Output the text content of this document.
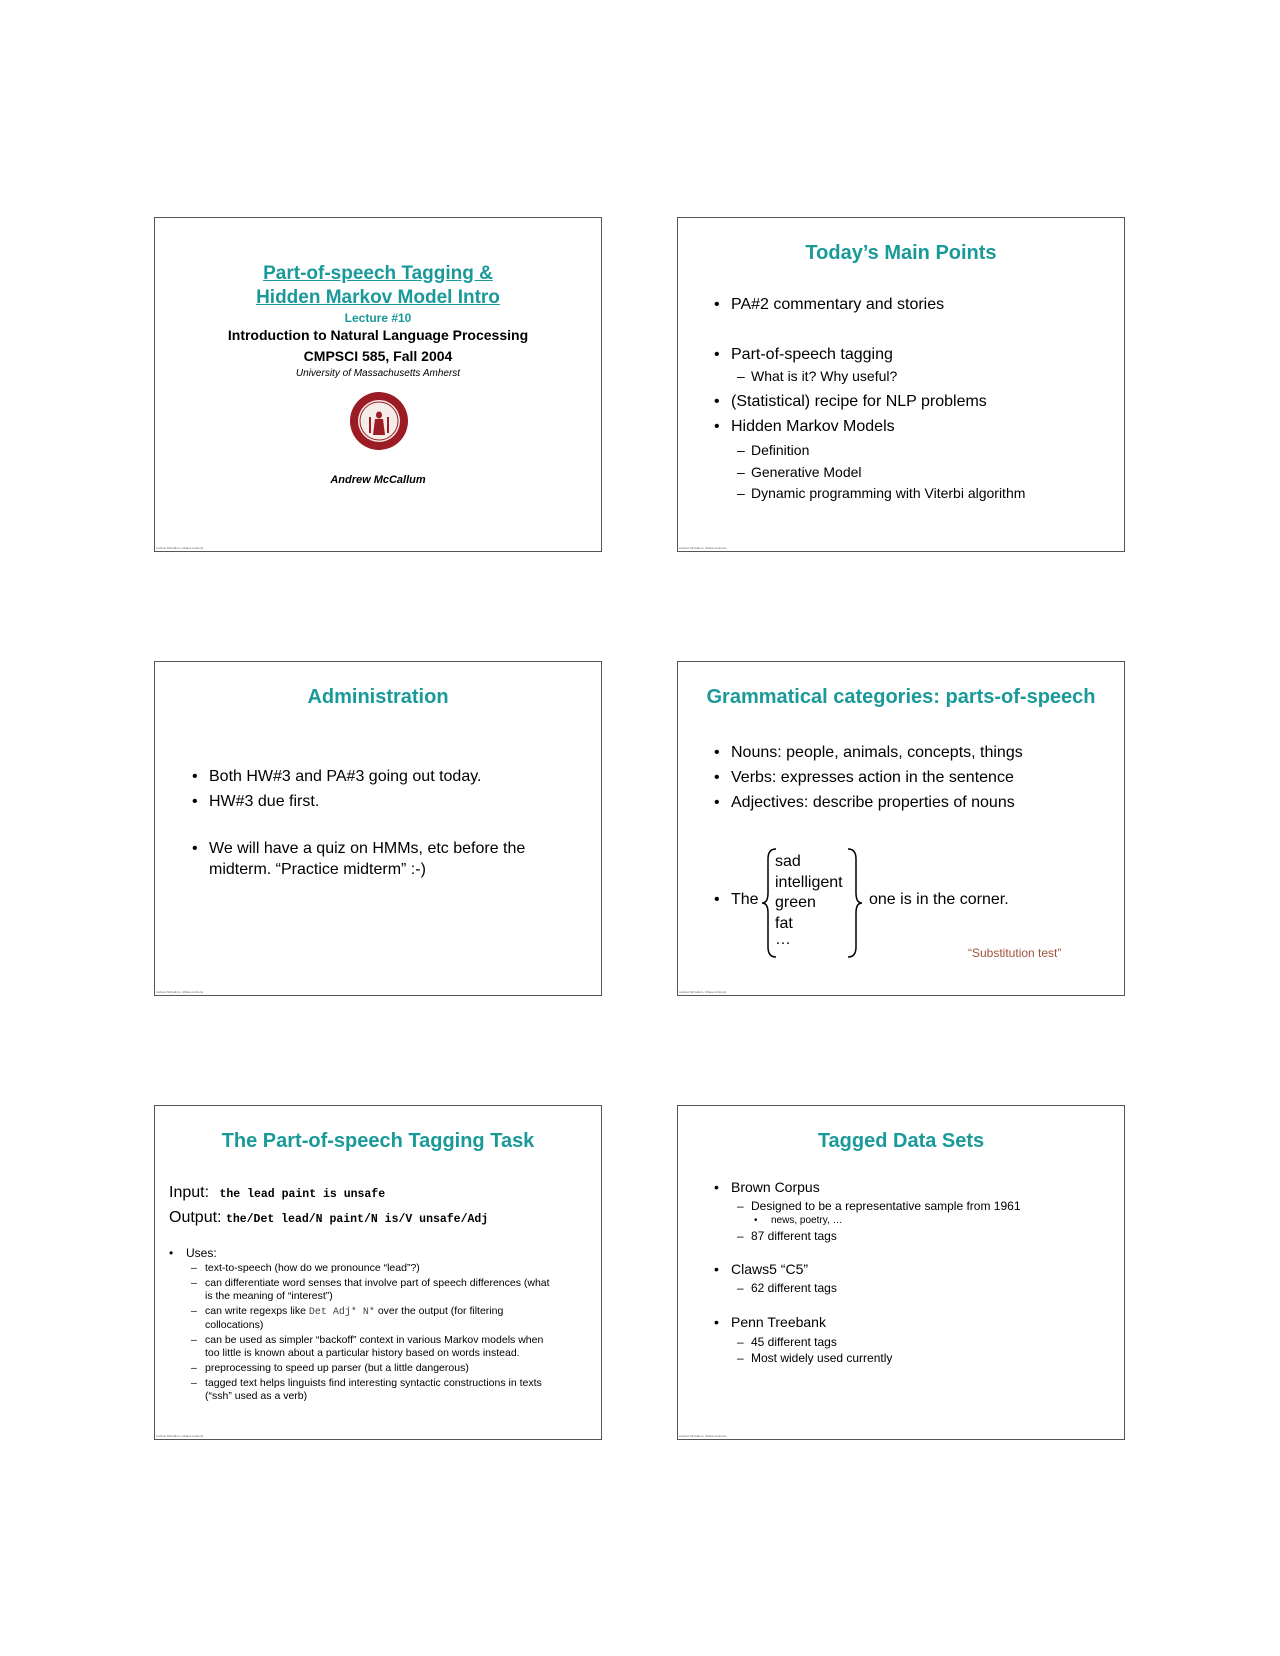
Part-of-speech Tagging &
Hidden Markov Model Intro
Lecture #10
Introduction to Natural Language Processing
CMPSCI 585, Fall 2004
University of Massachusetts Amherst
Andrew McCallum
Andrew McCallum, UMass Amherst
Today’s Main Points
• PA#2 commentary and stories
• Part-of-speech tagging
– What is it? Why useful?
• (Statistical) recipe for NLP problems
• Hidden Markov Models
– Definition
– Generative Model
– Dynamic programming with Viterbi algorithm
Andrew McCallum, UMass Amherst
Administration
• Both HW#3 and PA#3 going out today.
• HW#3 due first.
• We will have a quiz on HMMs, etc before the
midterm. “Practice midterm” :-)
Andrew McCallum, UMass Amherst
Grammatical categories: parts-of-speech
• Nouns: people, animals, concepts, things
• Verbs: expresses action in the sentence
• Adjectives: describe properties of nouns
• The
sad
intelligent
green
fat
…
one is in the corner.
“Substitution test”
Andrew McCallum, UMass Amherst
The Part-of-speech Tagging Task
Input: the lead paint is unsafe
Output: the/Det lead/N paint/N is/V unsafe/Adj
• Uses:
– text-to-speech (how do we pronounce “lead”?)
– can differentiate word senses that involve part of speech differences (what
is the meaning of “interest”)
– can write regexps like Det Adj* N* over the output (for filtering
collocations)
– can be used as simpler “backoff” context in various Markov models when
too little is known about a particular history based on words instead.
– preprocessing to speed up parser (but a little dangerous)
– tagged text helps linguists find interesting syntactic constructions in texts
(“ssh” used as a verb)
Andrew McCallum, UMass Amherst
Tagged Data Sets
• Brown Corpus
– Designed to be a representative sample from 1961
• news, poetry, …
– 87 different tags
• Claws5 “C5”
– 62 different tags
• Penn Treebank
– 45 different tags
– Most widely used currently
Andrew McCallum, UMass Amherst
